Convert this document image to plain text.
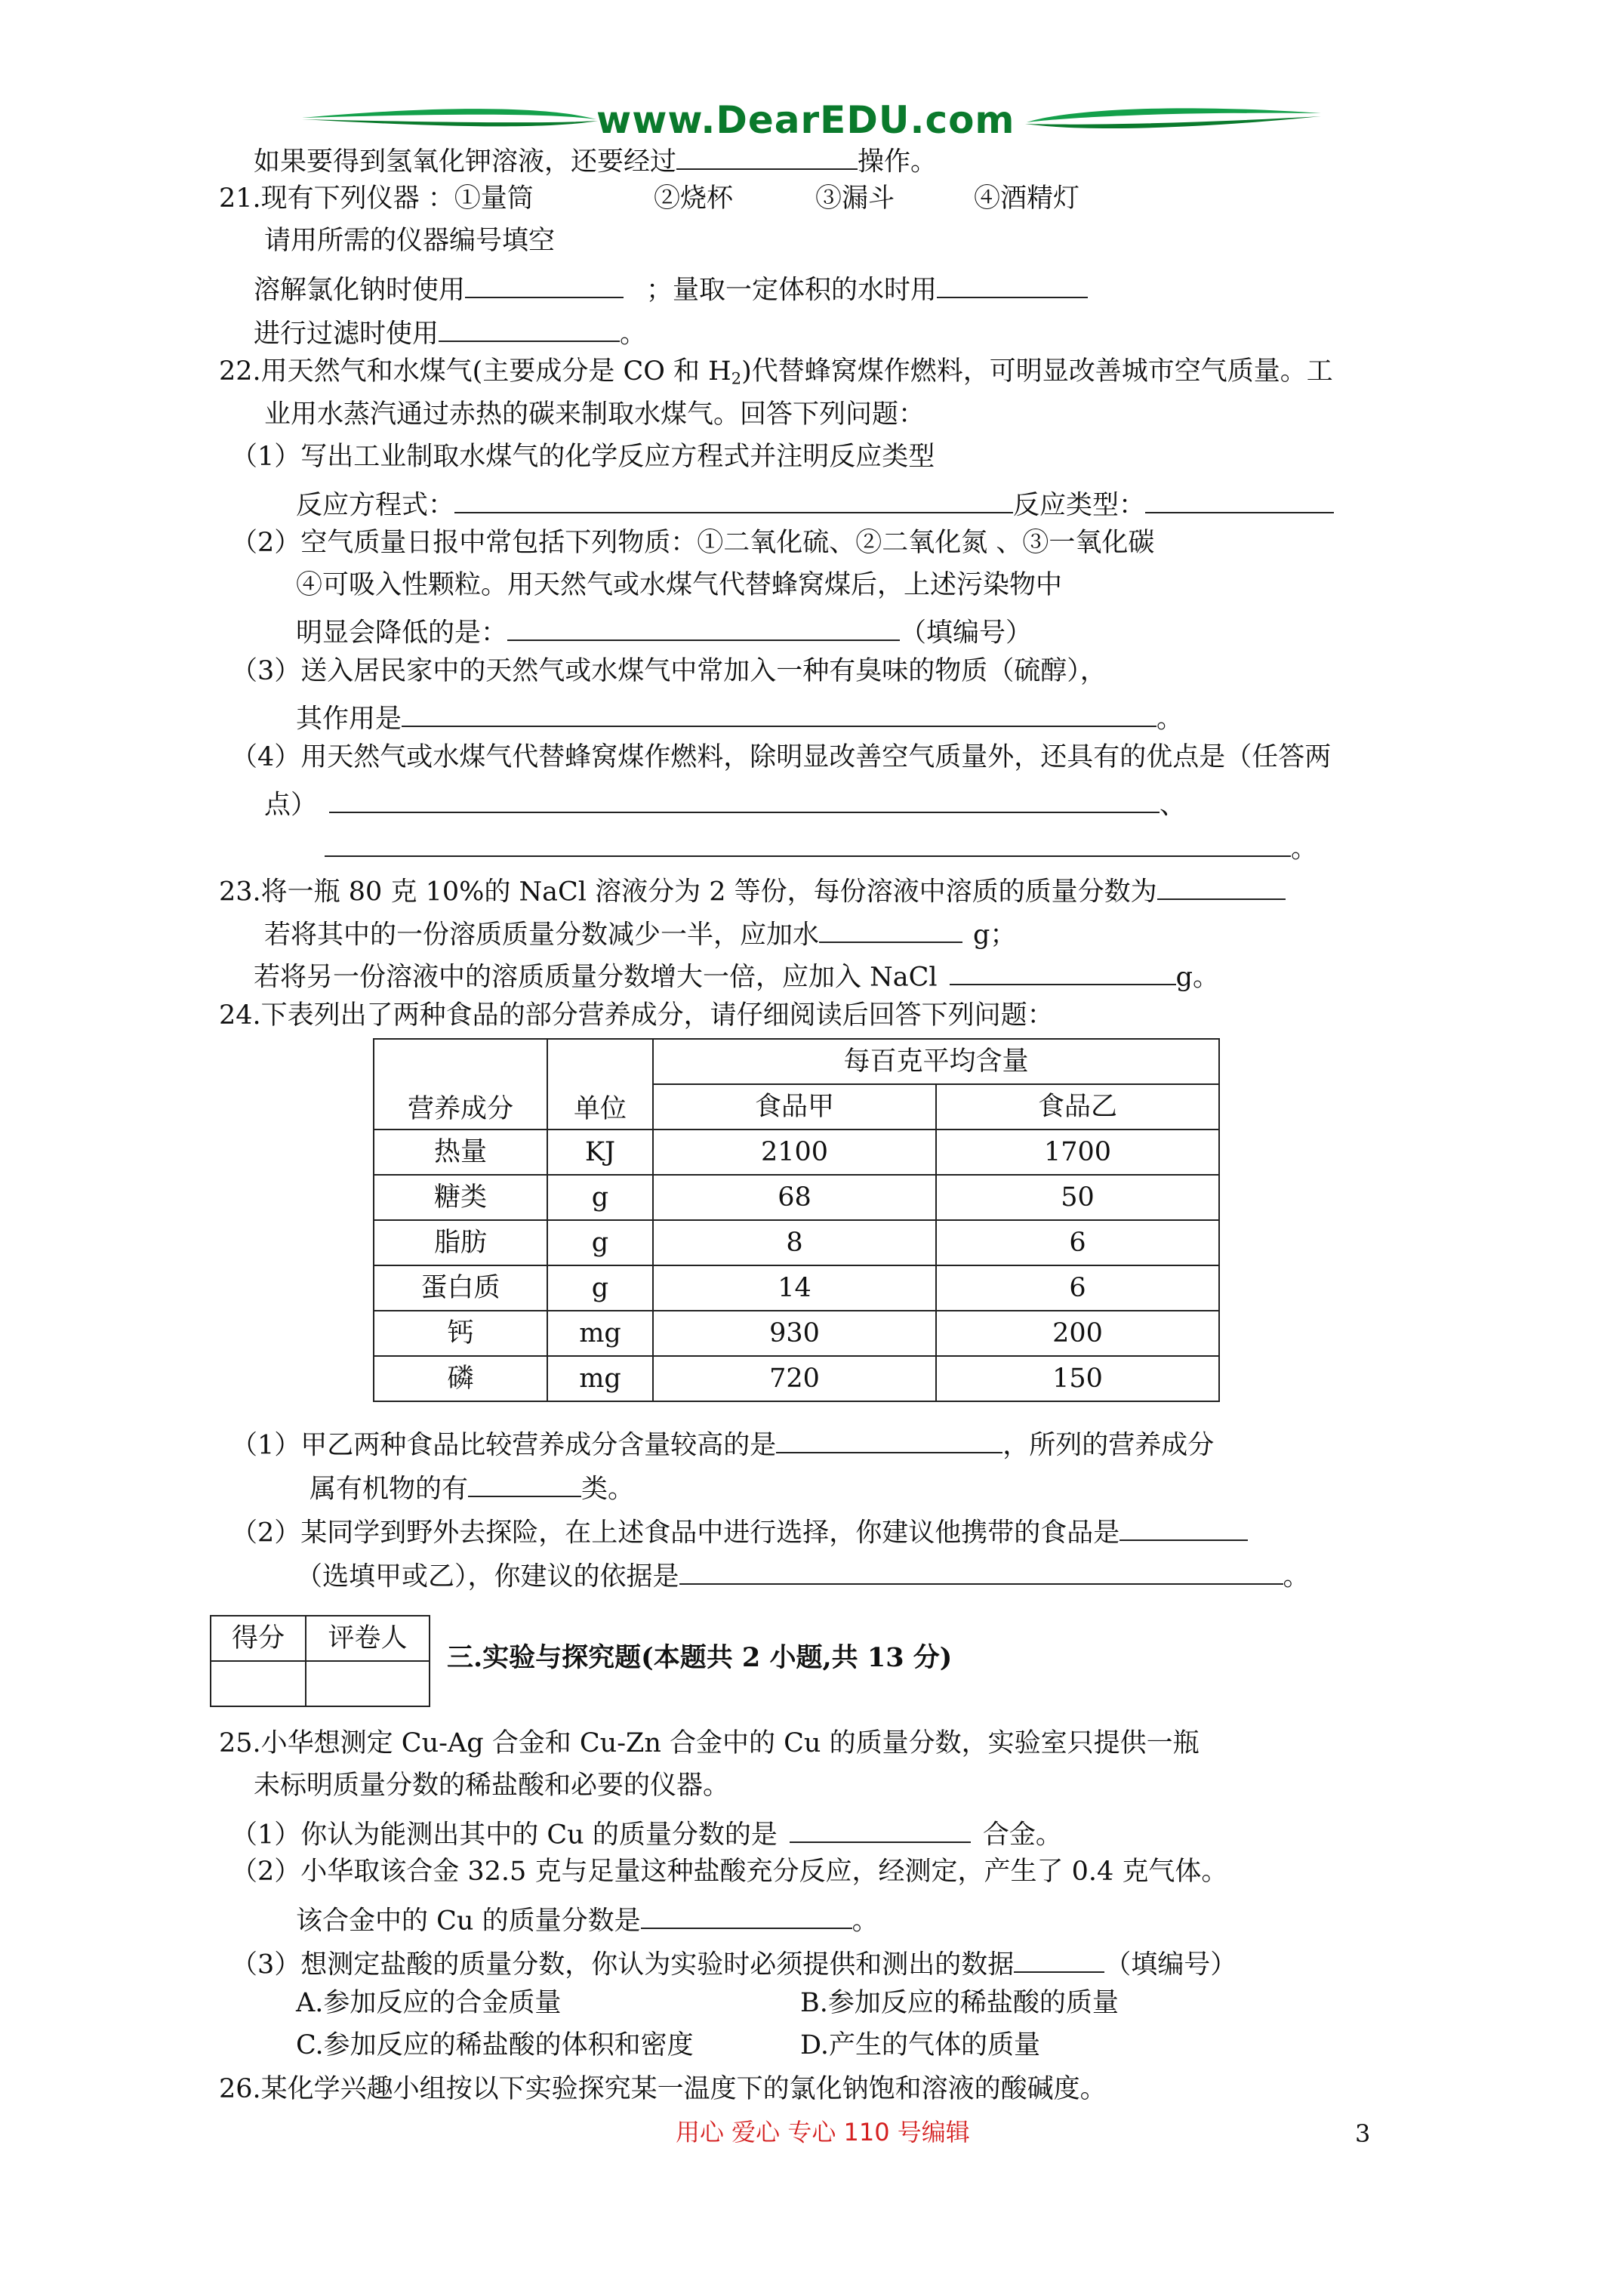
www.DearEDU.com
如果要得到氢氧化钾溶液，还要经过	操作。
21.现有下列仪器 ：①量筒	②烧杯	③漏斗	④酒精灯
请用所需的仪器编号填空
溶解氯化钠时使用	；量取一定体积的水时用
进行过滤时使用	。
22.用天然气和水煤气(主要成分是 CO 和 $H_2$)代替蜂窝煤作燃料，可明显改善城市空气质量。工
业用水蒸汽通过赤热的碳来制取水煤气。回答下列问题：
（1）写出工业制取水煤气的化学反应方程式并注明反应类型
反应方程式：	反应类型：
（2）空气质量日报中常包括下列物质：①二氧化硫、②二氧化氮 、③一氧化碳
④可吸入性颗粒。用天然气或水煤气代替蜂窝煤后，上述污染物中
明显会降低的是：	（填编号）
（3）送入居民家中的天然气或水煤气中常加入一种有臭味的物质（硫醇），
其作用是	。
（4）用天然气或水煤气代替蜂窝煤作燃料，除明显改善空气质量外，还具有的优点是（任答两
点）	、
。
23.将一瓶 80 克 10%的 NaCl 溶液分为 2 等份，每份溶液中溶质的质量分数为
若将其中的一份溶质质量分数减少一半，应加水	g；
若将另一份溶液中的溶质质量分数增大一倍，应加入 NaCl	g。
24.下表列出了两种食品的部分营养成分，请仔细阅读后回答下列问题：
营养成分	单位	每百克平均含量	
		食品甲	食品乙
热量	KJ	2100	1700
糖类	g	68	50
脂肪	g	8	6
蛋白质	g	14	6
钙	mg	930	200
磷	mg	720	150
（1）甲乙两种食品比较营养成分含量较高的是	，所列的营养成分
属有机物的有	类。
（2）某同学到野外去探险，在上述食品中进行选择，你建议他携带的食品是
（选填甲或乙），你建议的依据是	。
得分	评卷人

三.实验与探究题(本题共 2 小题,共 13 分)
25.小华想测定 Cu-Ag 合金和 Cu-Zn 合金中的 Cu 的质量分数，实验室只提供一瓶
未标明质量分数的稀盐酸和必要的仪器。
（1）你认为能测出其中的 Cu 的质量分数的是	合金。
（2）小华取该合金 32.5 克与足量这种盐酸充分反应，经测定，产生了 0.4 克气体。
该合金中的 Cu 的质量分数是	。
（3）想测定盐酸的质量分数，你认为实验时必须提供和测出的数据	（填编号）
A.参加反应的合金质量	B.参加反应的稀盐酸的质量
C.参加反应的稀盐酸的体积和密度	D.产生的气体的质量
26.某化学兴趣小组按以下实验探究某一温度下的氯化钠饱和溶液的酸碱度。
用心 爱心 专心 110 号编辑	3
